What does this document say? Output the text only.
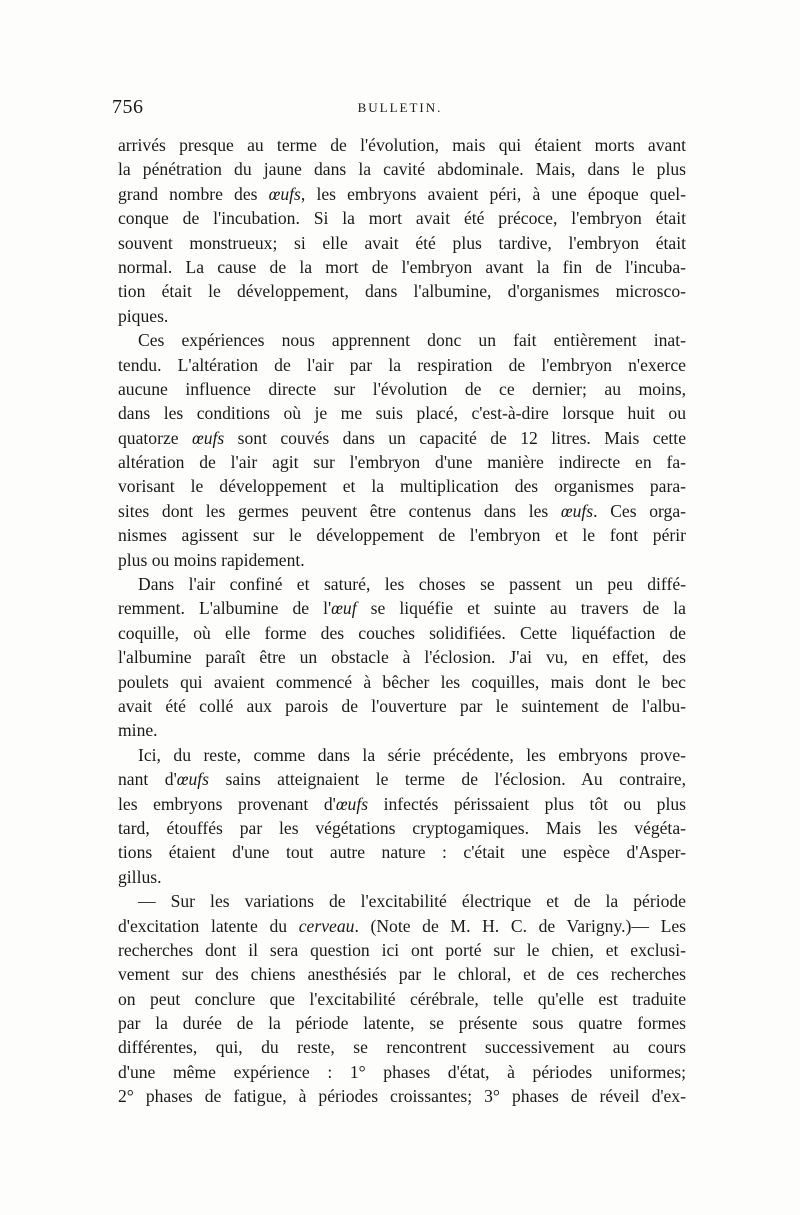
756	BULLETIN.
arrivés presque au terme de l'évolution, mais qui étaient morts avant
la pénétration du jaune dans la cavité abdominale. Mais, dans le plus
grand nombre des œufs, les embryons avaient péri, à une époque quel-
conque de l'incubation. Si la mort avait été précoce, l'embryon était
souvent monstrueux; si elle avait été plus tardive, l'embryon était
normal. La cause de la mort de l'embryon avant la fin de l'incuba-
tion était le développement, dans l'albumine, d'organismes microsco-
piques.
Ces expériences nous apprennent donc un fait entièrement inat-
tendu. L'altération de l'air par la respiration de l'embryon n'exerce
aucune influence directe sur l'évolution de ce dernier; au moins,
dans les conditions où je me suis placé, c'est-à-dire lorsque huit ou
quatorze œufs sont couvés dans un capacité de 12 litres. Mais cette
altération de l'air agit sur l'embryon d'une manière indirecte en fa-
vorisant le développement et la multiplication des organismes para-
sites dont les germes peuvent être contenus dans les œufs. Ces orga-
nismes agissent sur le développement de l'embryon et le font périr
plus ou moins rapidement.
Dans l'air confiné et saturé, les choses se passent un peu diffé-
remment. L'albumine de l'œuf se liquéfie et suinte au travers de la
coquille, où elle forme des couches solidifiées. Cette liquéfaction de
l'albumine paraît être un obstacle à l'éclosion. J'ai vu, en effet, des
poulets qui avaient commencé à bêcher les coquilles, mais dont le bec
avait été collé aux parois de l'ouverture par le suintement de l'albu-
mine.
Ici, du reste, comme dans la série précédente, les embryons prove-
nant d'œufs sains atteignaient le terme de l'éclosion. Au contraire,
les embryons provenant d'œufs infectés périssaient plus tôt ou plus
tard, étouffés par les végétations cryptogamiques. Mais les végéta-
tions étaient d'une tout autre nature : c'était une espèce d'Asper-
gillus.
— Sur les variations de l'excitabilité électrique et de la période
d'excitation latente du cerveau. (Note de M. H. C. de Varigny.)— Les
recherches dont il sera question ici ont porté sur le chien, et exclusi-
vement sur des chiens anesthésiés par le chloral, et de ces recherches
on peut conclure que l'excitabilité cérébrale, telle qu'elle est traduite
par la durée de la période latente, se présente sous quatre formes
différentes, qui, du reste, se rencontrent successivement au cours
d'une même expérience : 1° phases d'état, à périodes uniformes;
2° phases de fatigue, à périodes croissantes; 3° phases de réveil d'ex-
